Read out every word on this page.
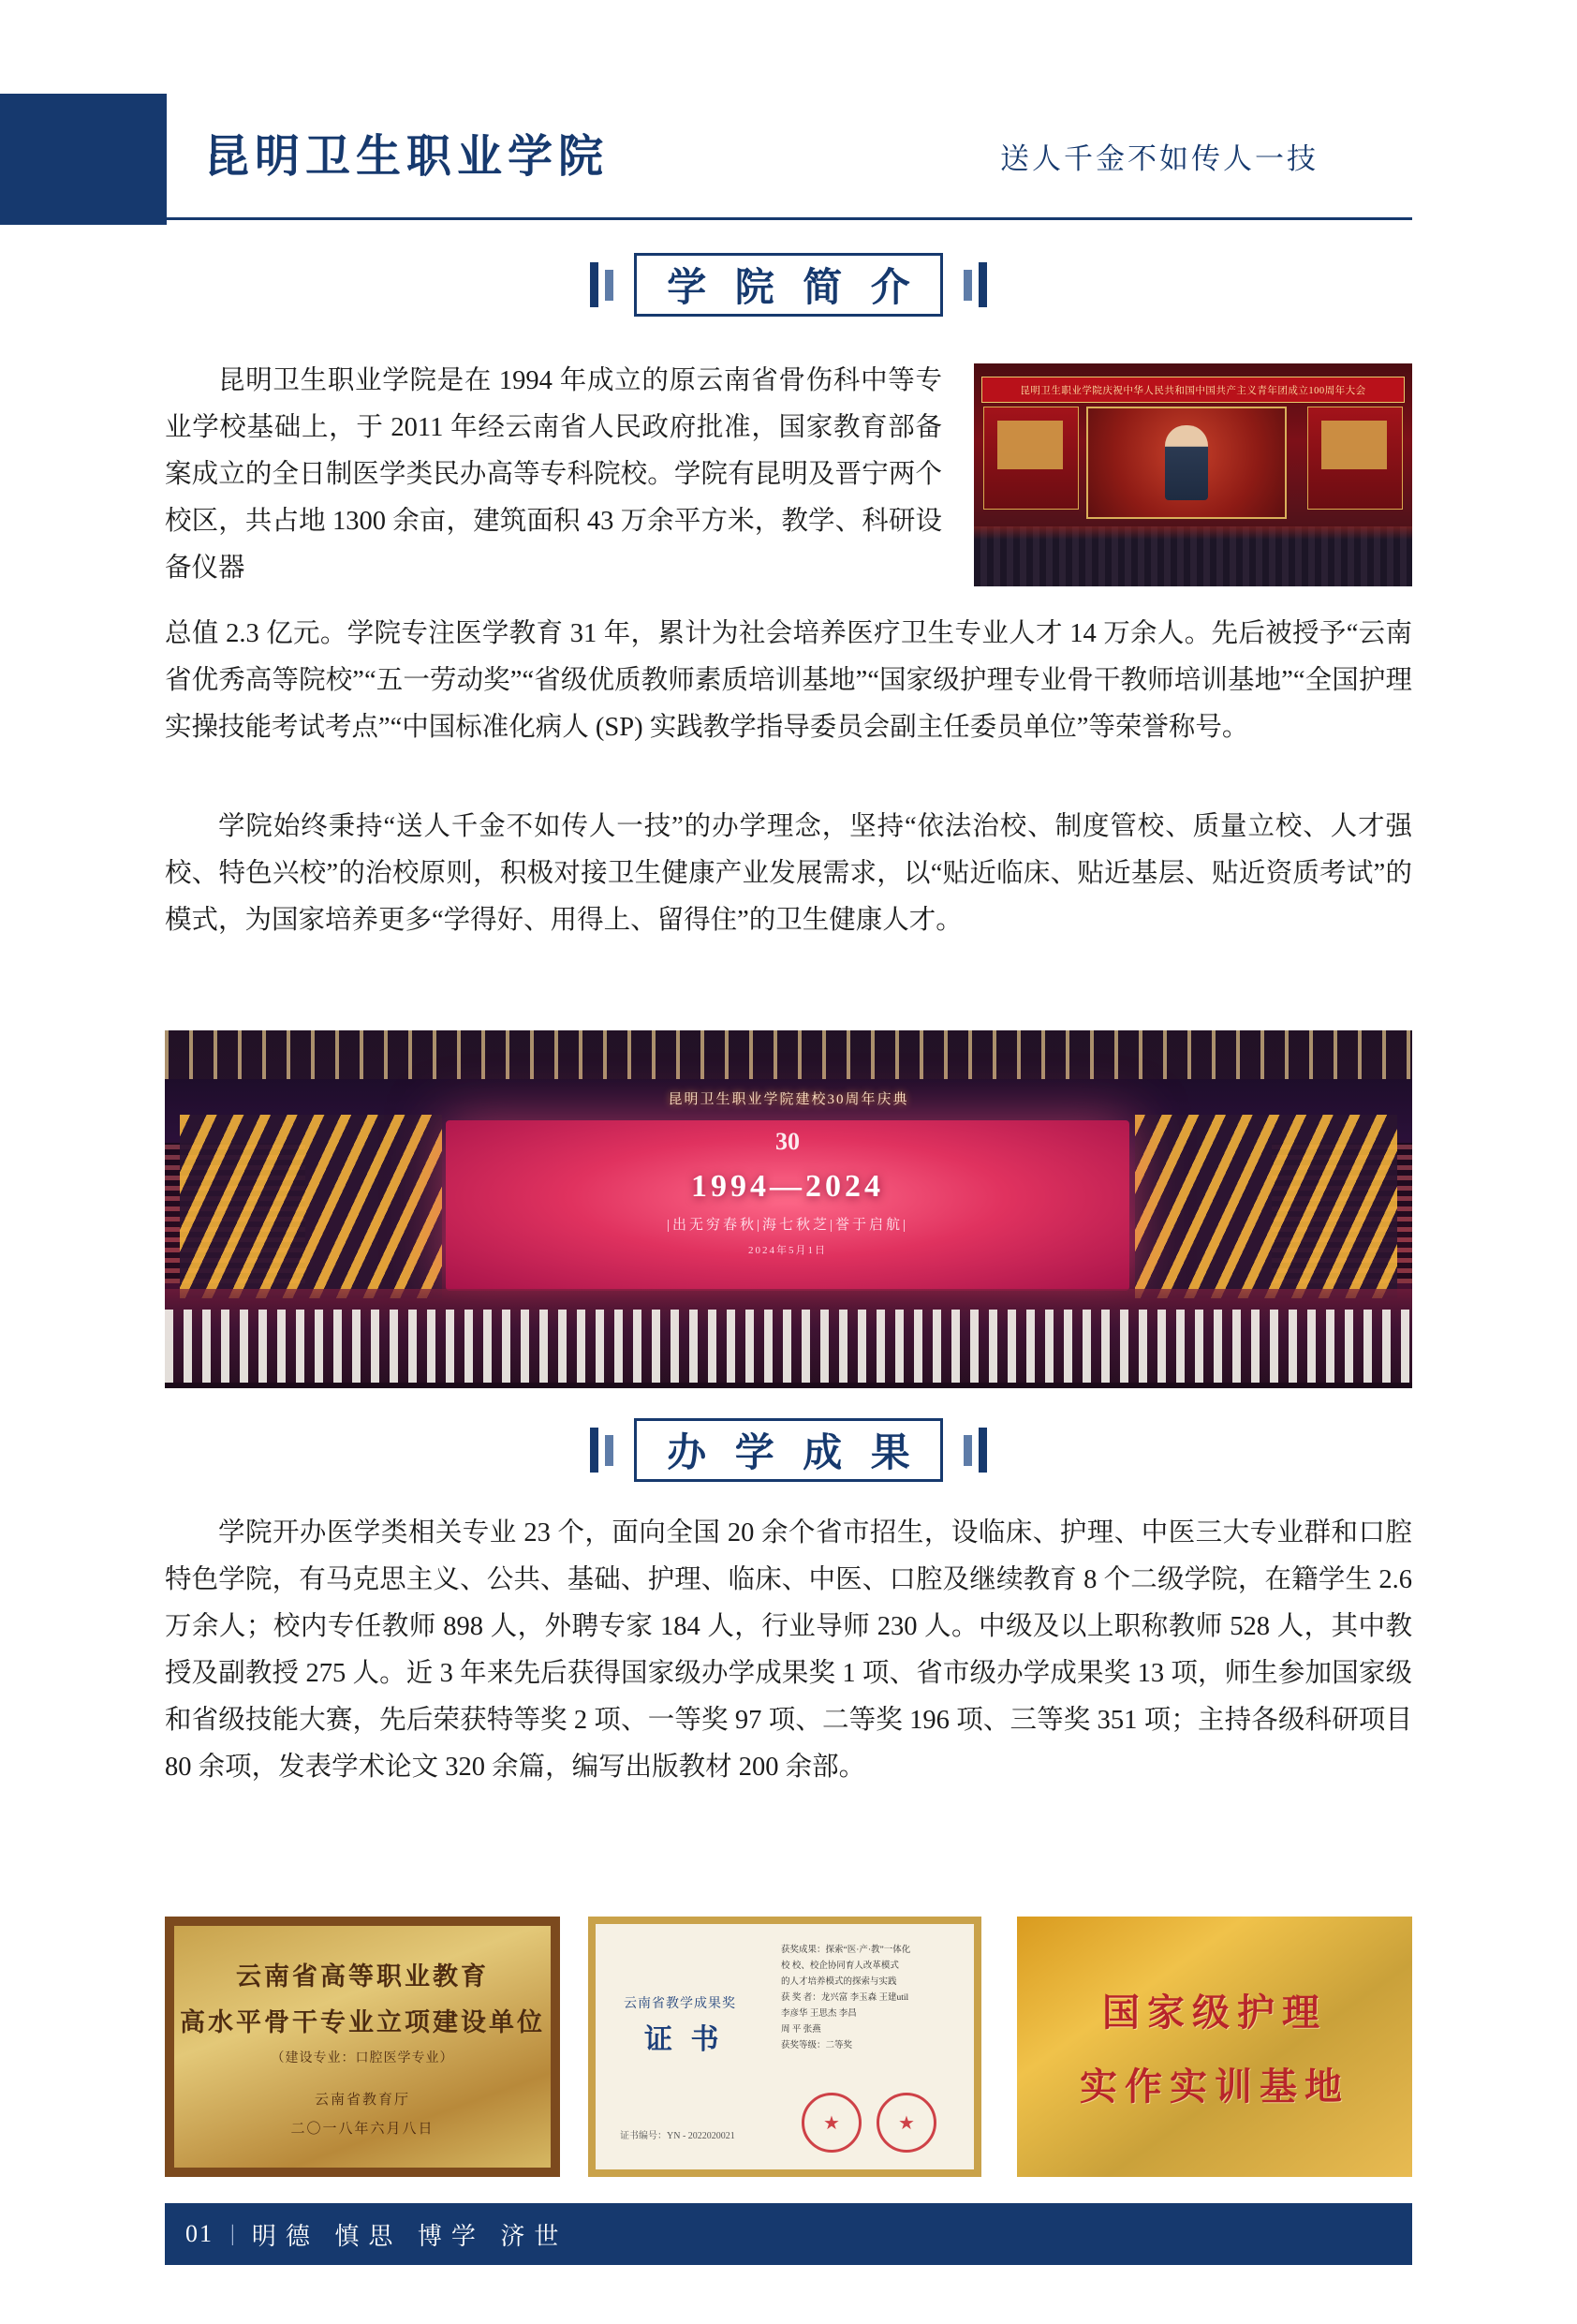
昆明卫生职业学院	送人千金不如传人一技
学 院 简 介
昆明卫生职业学院庆祝中华人民共和国中国共产主义青年团成立100周年大会
昆明卫生职业学院是在 1994 年成立的原云南省骨伤科中等专业学校基础上，于 2011 年经云南省人民政府批准，国家教育部备案成立的全日制医学类民办高等专科院校。学院有昆明及晋宁两个校区，共占地 1300 余亩，建筑面积 43 万余平方米，教学、科研设备仪器
总值 2.3 亿元。学院专注医学教育 31 年，累计为社会培养医疗卫生专业人才 14 万余人。先后被授予“云南省优秀高等院校”“五一劳动奖”“省级优质教师素质培训基地”“国家级护理专业骨干教师培训基地”“全国护理实操技能考试考点”“中国标准化病人 (SP) 实践教学指导委员会副主任委员单位”等荣誉称号。
学院始终秉持“送人千金不如传人一技”的办学理念，坚持“依法治校、制度管校、质量立校、人才强校、特色兴校”的治校原则，积极对接卫生健康产业发展需求，以“贴近临床、贴近基层、贴近资质考试”的模式，为国家培养更多“学得好、用得上、留得住”的卫生健康人才。
昆明卫生职业学院建校30周年庆典
30
1994—2024
|出无穷春秋|海七秋芝|誉于启航|
2024年5月1日
办 学 成 果
学院开办医学类相关专业 23 个，面向全国 20 余个省市招生，设临床、护理、中医三大专业群和口腔特色学院，有马克思主义、公共、基础、护理、临床、中医、口腔及继续教育 8 个二级学院，在籍学生 2.6 万余人；校内专任教师 898 人，外聘专家 184 人，行业导师 230 人。中级及以上职称教师 528 人，其中教授及副教授 275 人。近 3 年来先后获得国家级办学成果奖 1 项、省市级办学成果奖 13 项，师生参加国家级和省级技能大赛，先后荣获特等奖 2 项、一等奖 97 项、二等奖 196 项、三等奖 351 项；主持各级科研项目 80 余项，发表学术论文 320 余篇，编写出版教材 200 余部。
云南省高等职业教育
高水平骨干专业立项建设单位
（建设专业：口腔医学专业）
云南省教育厅
二〇一八年六月八日
云南省教学成果奖
证 书
获奖成果：探索“医·产·教”一体化
校 校、校企协同育人改革模式
的人才培养模式的探索与实践
获 奖 者：龙兴富 李玉森 王建util
李彦华 王思杰 李昌
周 平 张燕
获奖等级：二等奖
证书编号：YN - 2022020021
★	★
国家级护理
实作实训基地
01 | 明德 慎思 博学 济世
